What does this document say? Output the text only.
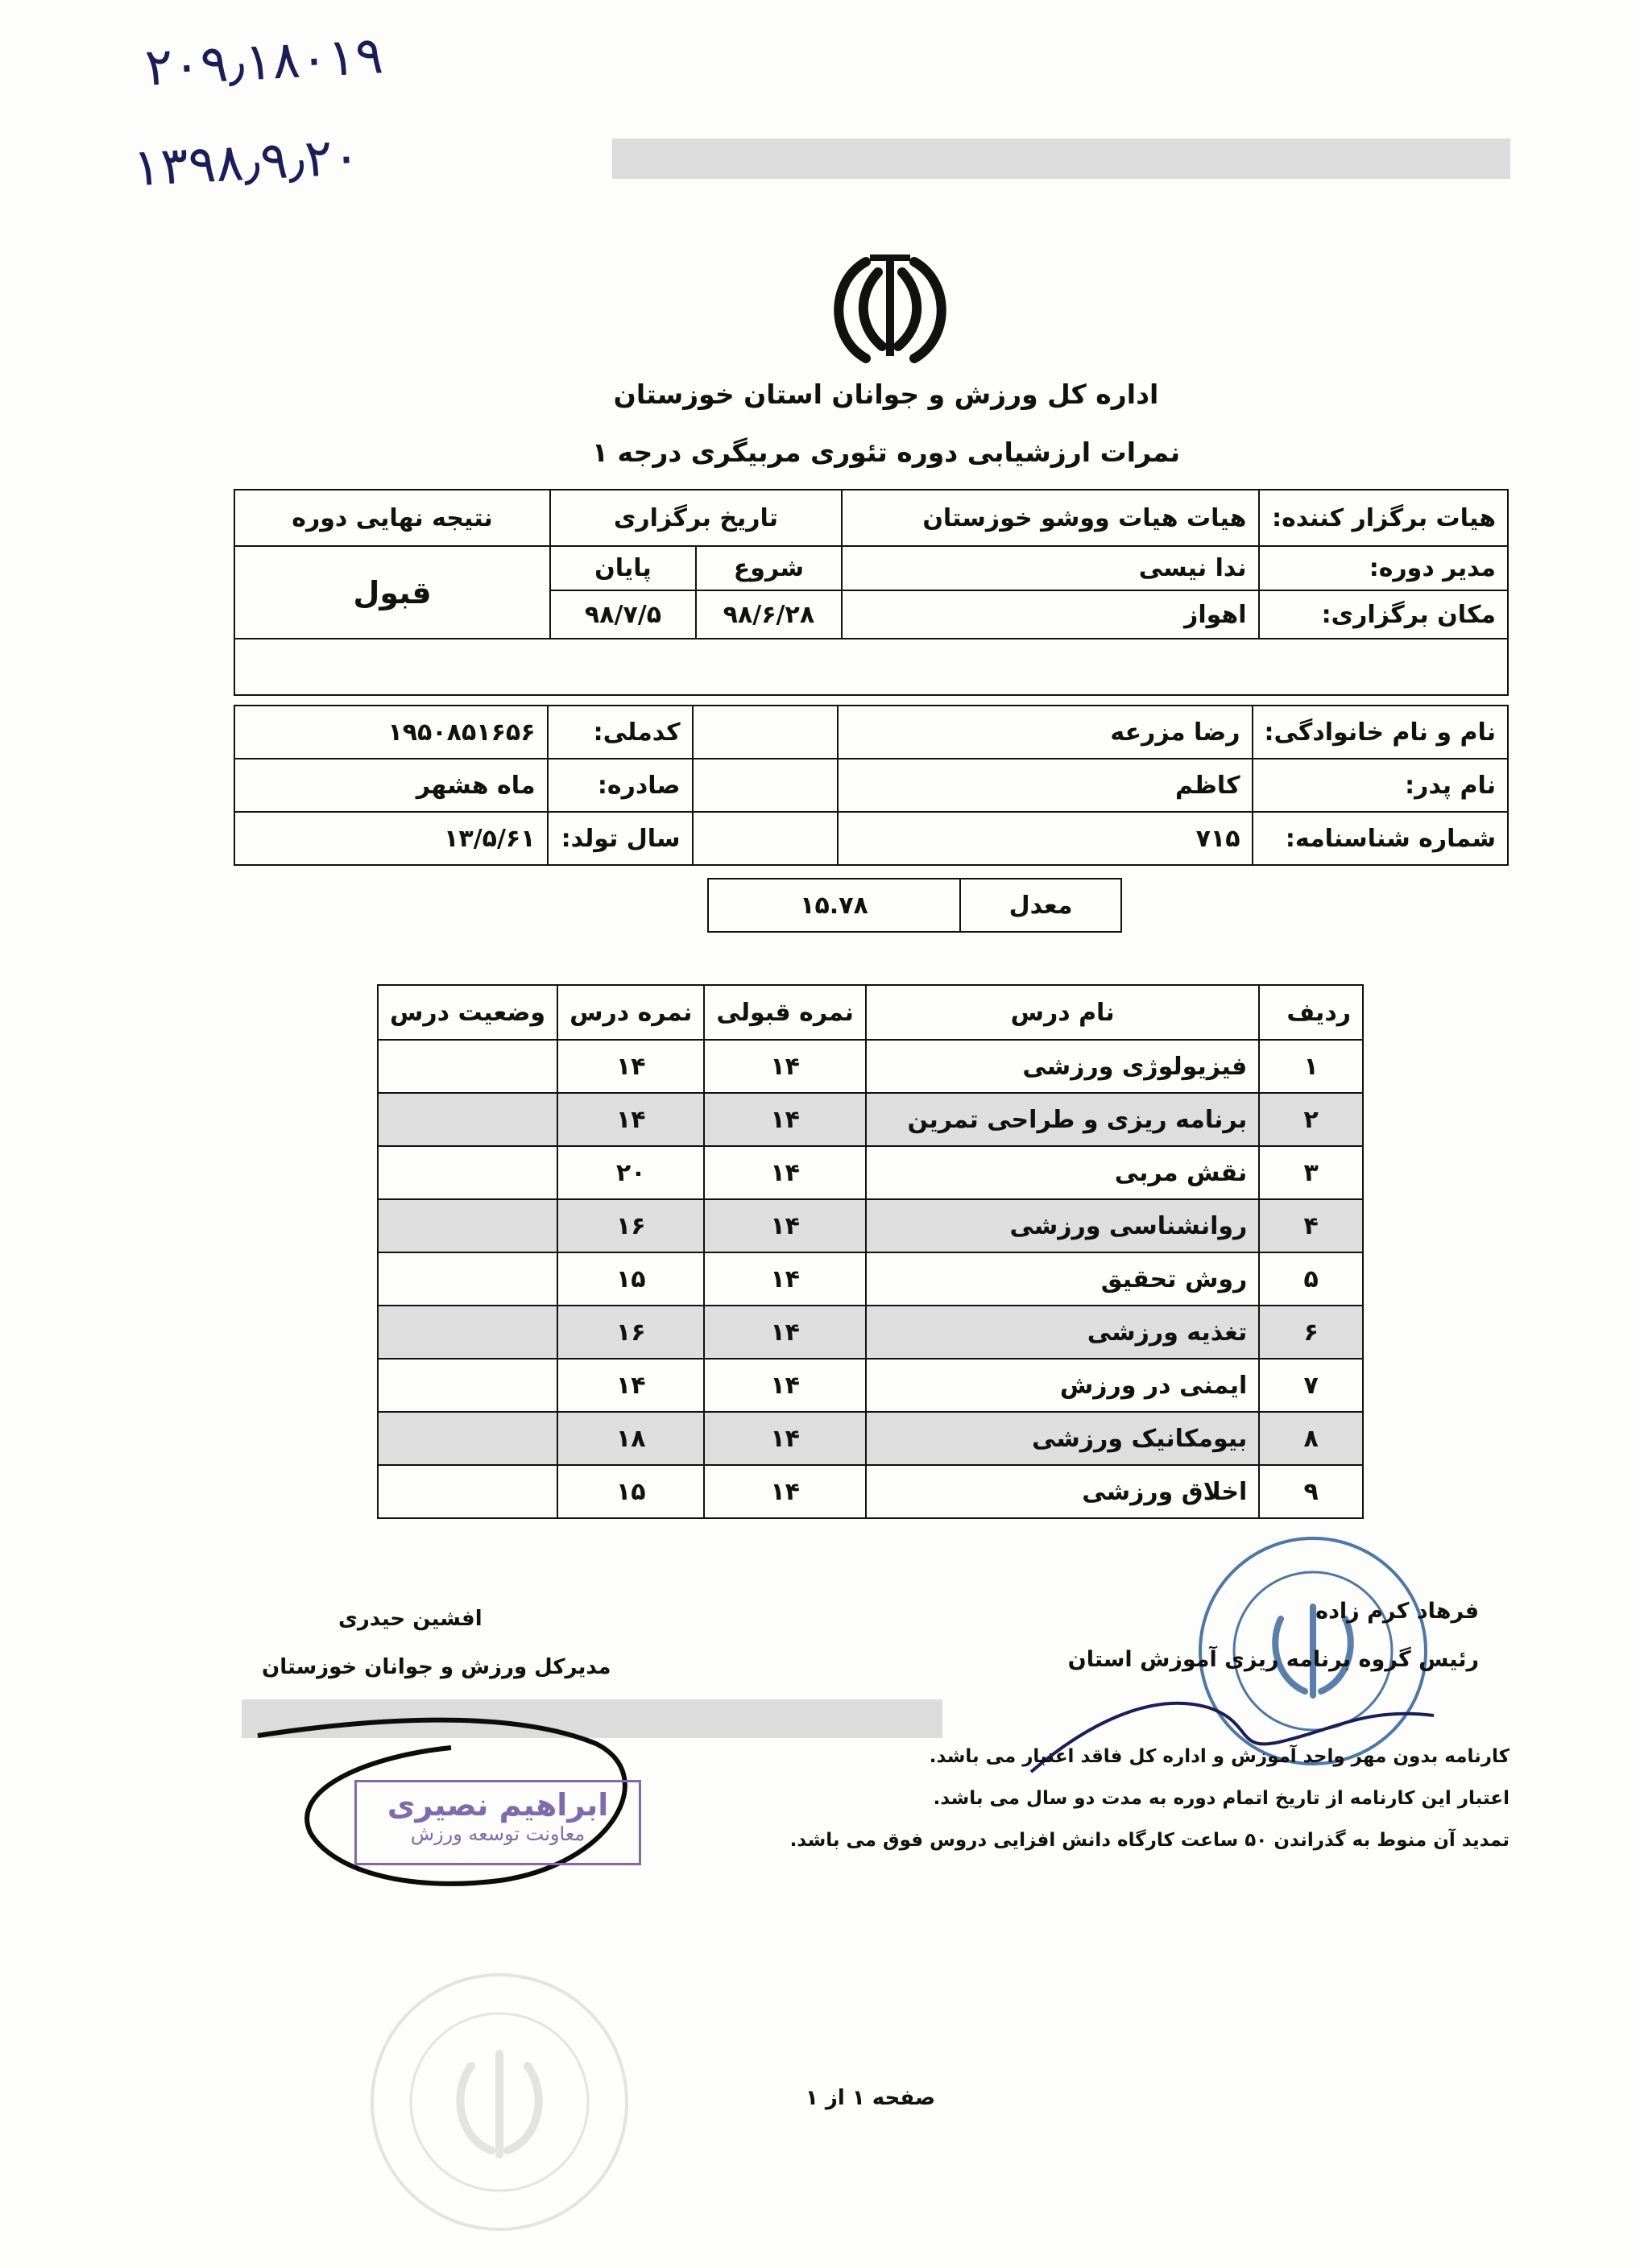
۲۰۹٫۱۸۰۱۹
۱۳۹۸٫۹٫۲۰
اداره کل ورزش و جوانان استان خوزستان
نمرات ارزشیابی دوره تئوری مربیگری درجه ۱
هیات برگزار کننده:	هیات هیات ووشو خوزستان	تاریخ برگزاری		نتیجه نهایی دوره
مدیر دوره:	ندا نیسی	شروع	پایان	قبول
مکان برگزاری:	اهواز	۹۸/۶/۲۸	۹۸/۷/۵	

نام و نام خانوادگی:	رضا مزرعه		کدملی:	۱۹۵۰۸۵۱۶۵۶
نام پدر:	کاظم		صادره:	ماه هشهر
شماره شناسنامه:	۷۱۵		سال تولد:	۱۳/۵/۶۱
معدل	۱۵.۷۸
ردیف	نام درس	نمره قبولی	نمره درس	وضعیت درس
۱	فیزیولوژی ورزشی	۱۴	۱۴	
۲	برنامه ریزی و طراحی تمرین	۱۴	۱۴	
۳	نقش مربی	۱۴	۲۰	
۴	روانشناسی ورزشی	۱۴	۱۶	
۵	روش تحقیق	۱۴	۱۵	
۶	تغذیه ورزشی	۱۴	۱۶	
۷	ایمنی در ورزش	۱۴	۱۴	
۸	بیومکانیک ورزشی	۱۴	۱۸	
۹	اخلاق ورزشی	۱۴	۱۵	
فرهاد کرم زاده
رئیس گروه برنامه ریزی آموزش استان
افشین حیدری
مدیرکل ورزش و جوانان خوزستان
ابراهیم نصیری
معاونت توسعه ورزش
کارنامه بدون مهر واحد آموزش و اداره کل فاقد اعتبار می باشد.
اعتبار این کارنامه از تاریخ اتمام دوره به مدت دو سال می باشد.
تمدید آن منوط به گذراندن ۵۰ ساعت کارگاه دانش افزایی دروس فوق می باشد.
صفحه ۱ از ۱
